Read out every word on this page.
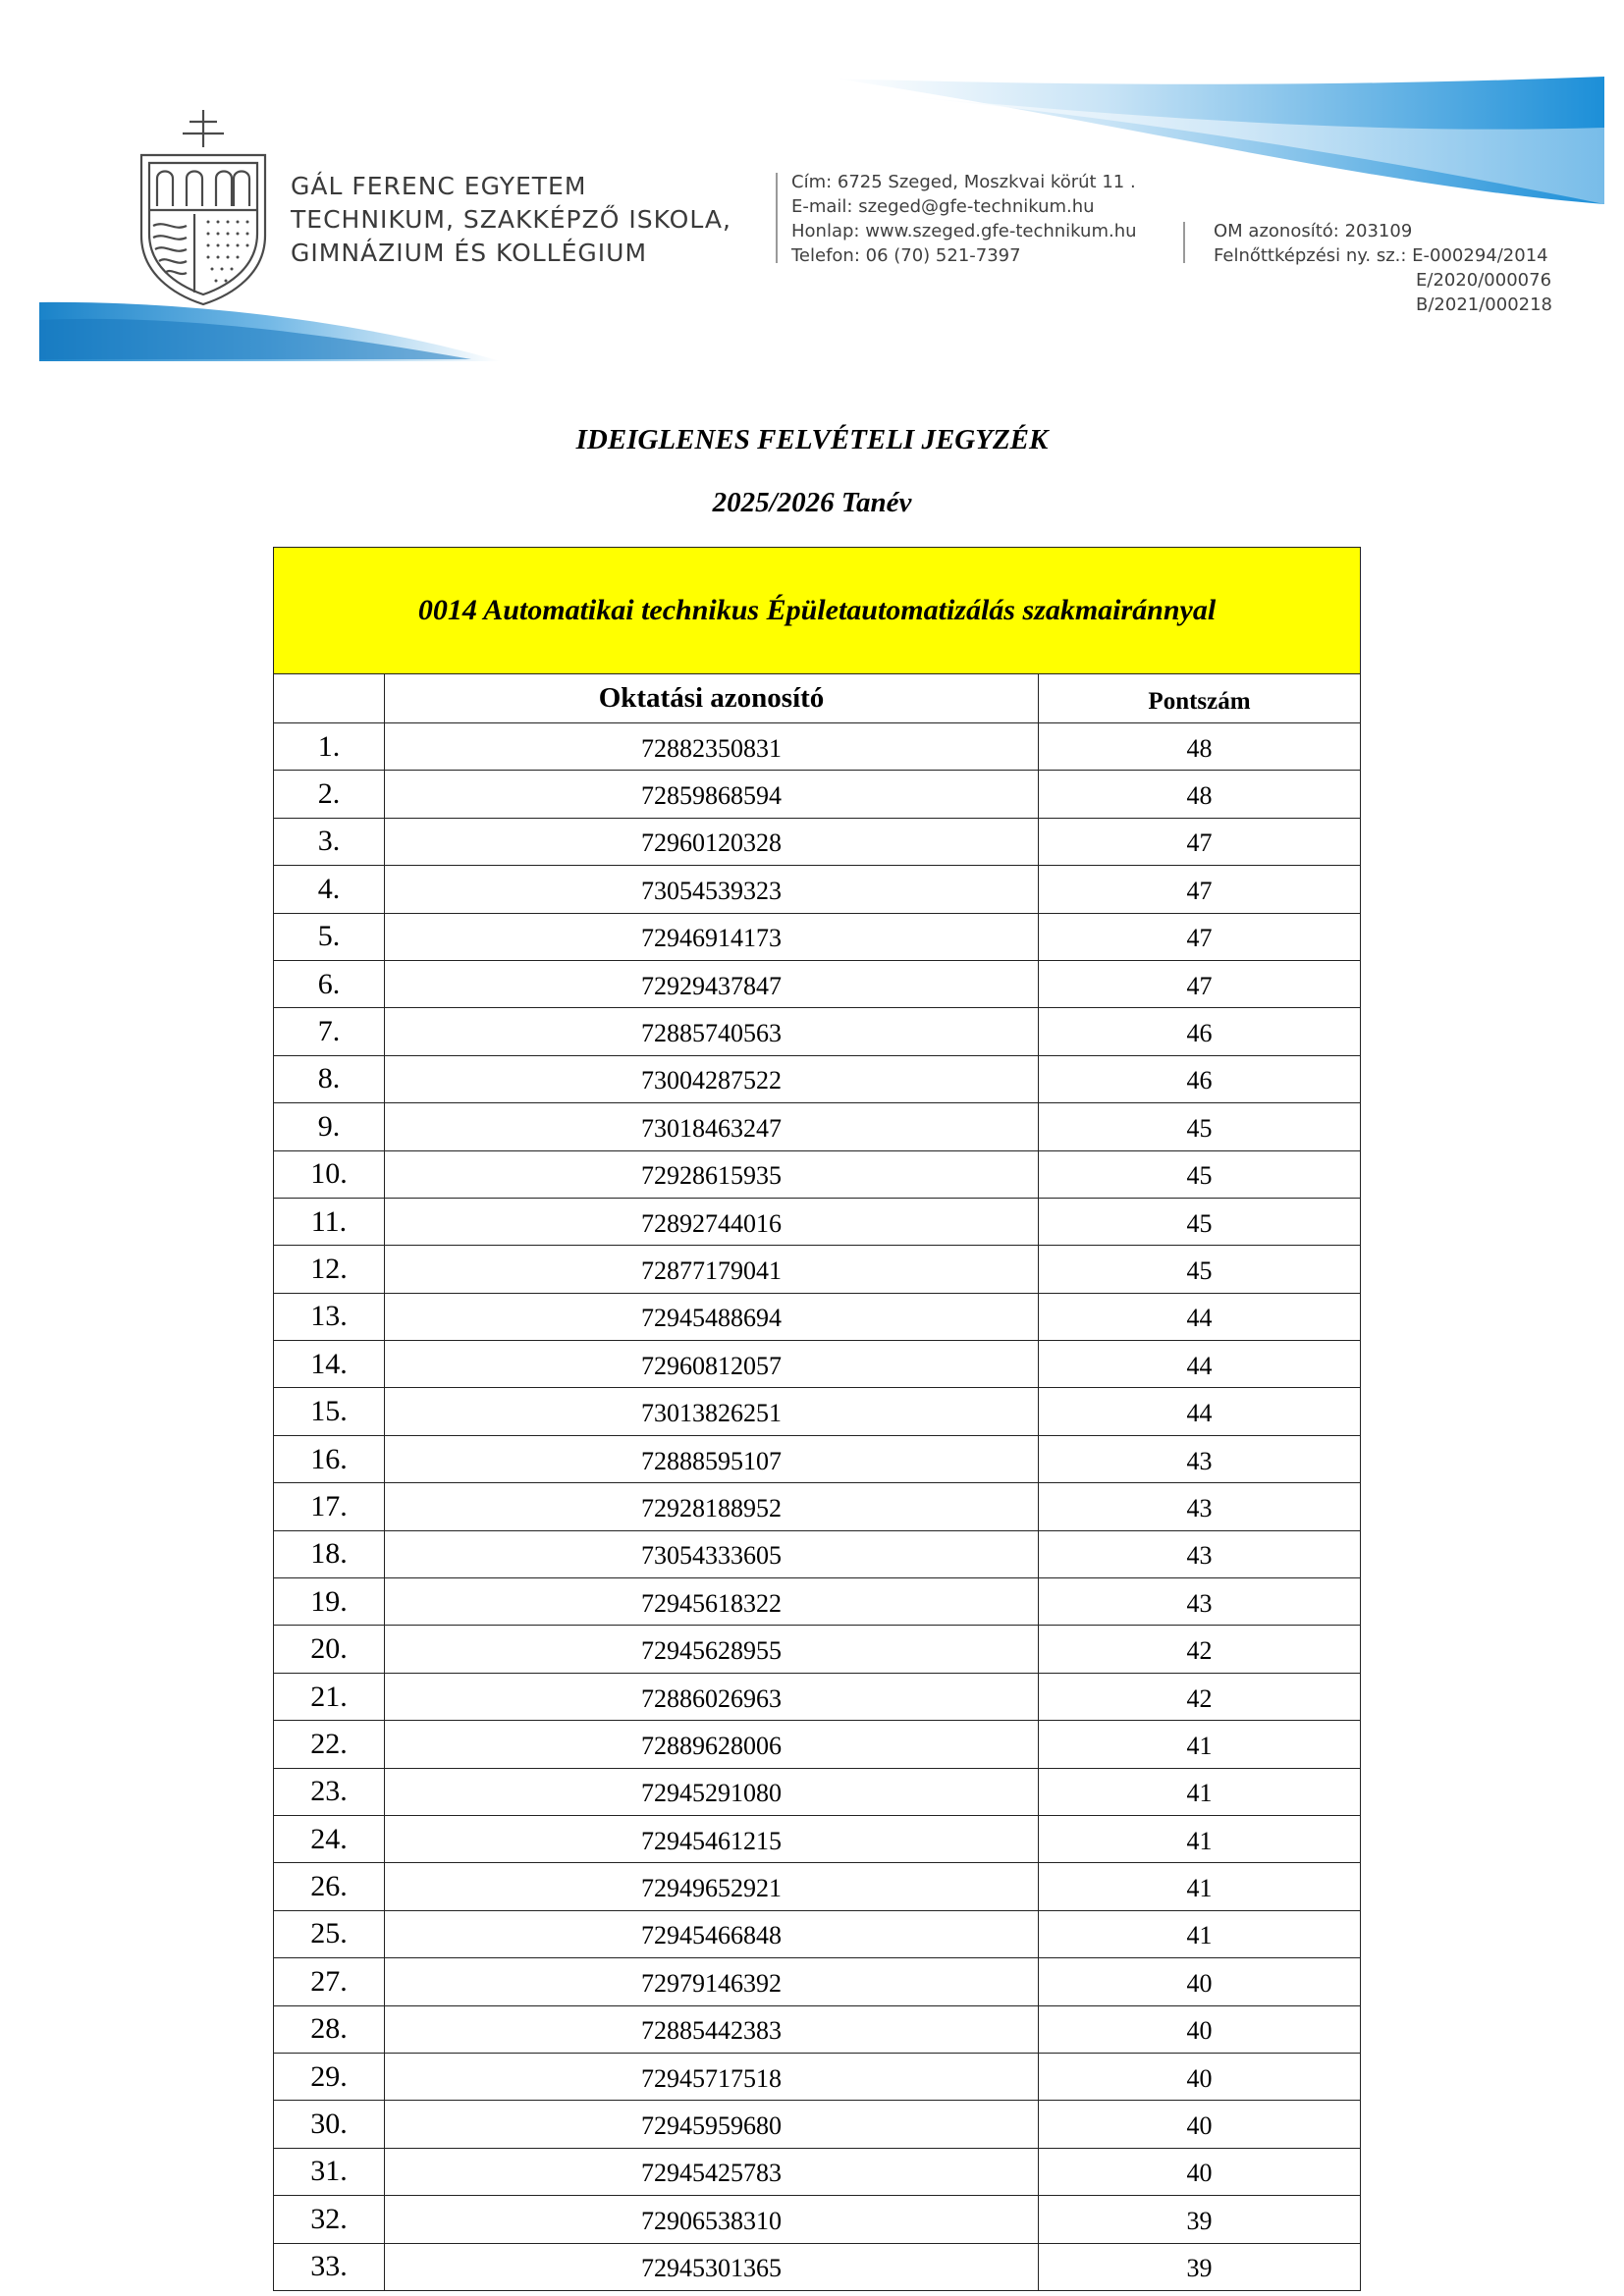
GÁL FERENC EGYETEM
TECHNIKUM, SZAKKÉPZŐ ISKOLA,
GIMNÁZIUM ÉS KOLLÉGIUM
Cím: 6725 Szeged, Moszkvai körút 11 .
E-mail: szeged@gfe-technikum.hu
Honlap: www.szeged.gfe-technikum.hu
Telefon: 06 (70) 521-7397
OM azonosító: 203109
Felnőttképzési ny. sz.: E-000294/2014
E/2020/000076
B/2021/000218
IDEIGLENES FELVÉTELI JEGYZÉK
2025/2026 Tanév
0014 Automatikai technikus Épületautomatizálás szakmairánnyal		
	Oktatási azonosító	Pontszám
1.	72882350831	48
2.	72859868594	48
3.	72960120328	47
4.	73054539323	47
5.	72946914173	47
6.	72929437847	47
7.	72885740563	46
8.	73004287522	46
9.	73018463247	45
10.	72928615935	45
11.	72892744016	45
12.	72877179041	45
13.	72945488694	44
14.	72960812057	44
15.	73013826251	44
16.	72888595107	43
17.	72928188952	43
18.	73054333605	43
19.	72945618322	43
20.	72945628955	42
21.	72886026963	42
22.	72889628006	41
23.	72945291080	41
24.	72945461215	41
26.	72949652921	41
25.	72945466848	41
27.	72979146392	40
28.	72885442383	40
29.	72945717518	40
30.	72945959680	40
31.	72945425783	40
32.	72906538310	39
33.	72945301365	39
